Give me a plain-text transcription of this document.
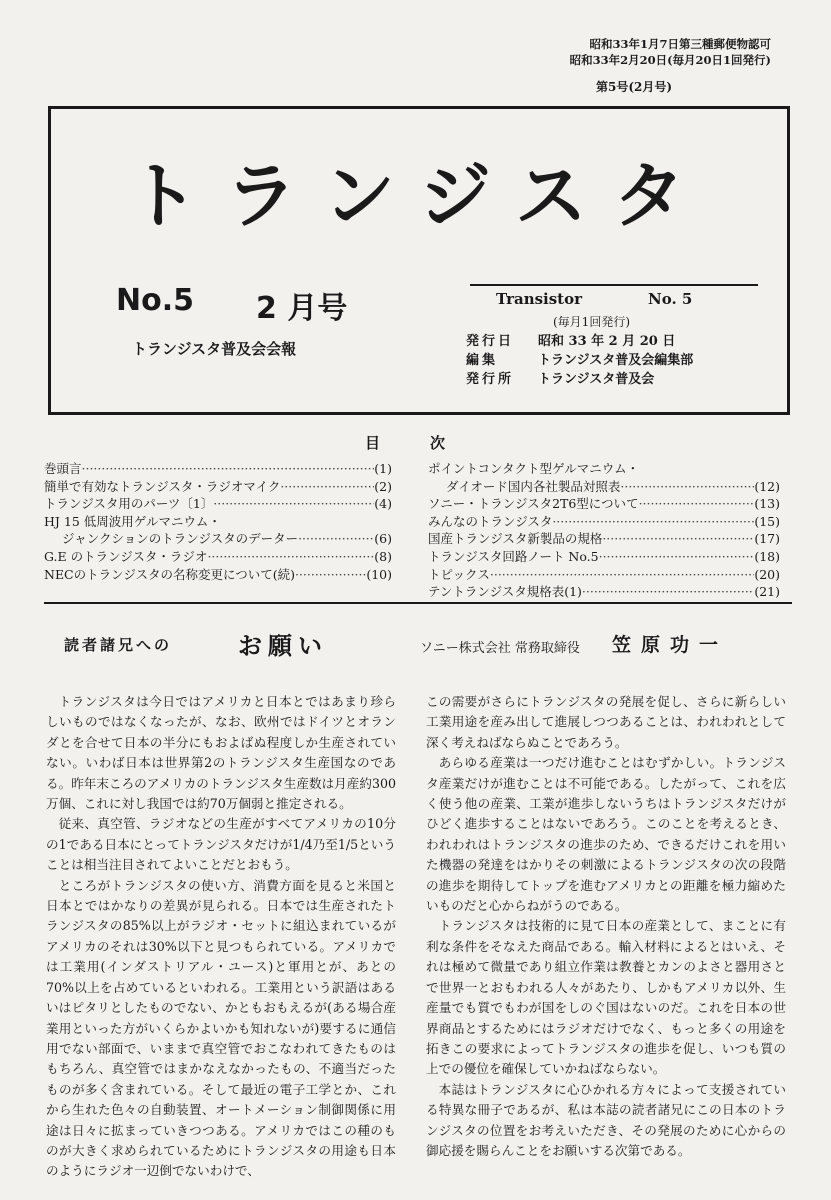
昭和33年1月7日第三種郵便物認可
昭和33年2月20日(毎月20日1回発行)
第5号(2月号)
トランジスタ
No.5 2 月号
トランジスタ普及会会報
Transistor	No. 5
(毎月1回発行)
発行日 昭和 33 年 2 月 20 日
編集	トランジスタ普及会編集部
発行所 トランジスタ普及会
目次
巻頭言 ·····	(1)
簡単で有効なトランジスタ・ラジオマイク ·····	(2)
トランジスタ用のパーツ〔1〕 ·····	(4)
HJ 15 低周波用ゲルマニウム・
ジャンクションのトランジスタのデーター ·····	(6)
G.E のトランジスタ・ラジオ ·····	(8)
NECのトランジスタの名称変更について(続) ·····	(10)
ポイントコンタクト型ゲルマニウム・
ダイオード国内各社製品対照表 ·····	(12)
ソニー・トランジスタ2T6型について ·····	(13)
みんなのトランジスタ ·····	(15)
国産トランジスタ新製品の規格 ·····	(17)
トランジスタ回路ノート No.5 ·····	(18)
トピックス ·····	(20)
テントランジスタ規格表(1) ·····	(21)
読者諸兄への	お願い	ソニー株式会社 常務取締役 笠原功一

トランジスタは今日ではアメリカと日本とではあまり珍らしいものではなくなったが、なお、欧州ではドイツとオランダとを合せて日本の半分にもおよばぬ程度しか生産されていない。いわば日本は世界第2のトランジスタ生産国なのである。昨年末ころのアメリカのトランジスタ生産数は月産約300万個、これに対し我国では約70万個弱と推定される。

従来、真空管、ラジオなどの生産がすべてアメリカの10分の1である日本にとってトランジスタだけが1/4乃至1/5ということは相当注目されてよいことだとおもう。

ところがトランジスタの使い方、消費方面を見ると米国と日本とではかなりの差異が見られる。日本では生産されたトランジスタの85%以上がラジオ・セットに組込まれているがアメリカのそれは30%以下と見つもられている。アメリカでは工業用(インダストリアル・ユース)と軍用とが、あとの70%以上を占めているといわれる。工業用という訳語はあるいはピタリとしたものでない、かともおもえるが(ある場合産業用といった方がいくらかよいかも知れないが)要するに通信用でない部面で、いままで真空管でおこなわれてきたものはもちろん、真空管ではまかなえなかったもの、不適当だったものが多く含まれている。そして最近の電子工学とか、これから生れた色々の自動装置、オートメーション制御関係に用途は日々に拡まっていきつつある。アメリカではこの種のものが大きく求められているためにトランジスタの用途も日本のようにラジオ一辺倒でないわけで、

この需要がさらにトランジスタの発展を促し、さらに新らしい工業用途を産み出して進展しつつあることは、われわれとして深く考えねばならぬことであろう。

あらゆる産業は一つだけ進むことはむずかしい。トランジスタ産業だけが進むことは不可能である。したがって、これを広く使う他の産業、工業が進歩しないうちはトランジスタだけがひどく進歩することはないであろう。このことを考えるとき、われわれはトランジスタの進歩のため、できるだけこれを用いた機器の発達をはかりその刺激によるトランジスタの次の段階の進歩を期待してトップを進むアメリカとの距離を極力縮めたいものだと心からねがうのである。

トランジスタは技術的に見て日本の産業として、まことに有利な条件をそなえた商品である。輸入材料によるとはいえ、それは極めて微量であり組立作業は教養とカンのよさと器用さとで世界一とおもわれる人々があたり、しかもアメリカ以外、生産量でも質でもわが国をしのぐ国はないのだ。これを日本の世界商品とするためにはラジオだけでなく、もっと多くの用途を拓きこの要求によってトランジスタの進歩を促し、いつも質の上での優位を確保していかねばならない。

本誌はトランジスタに心ひかれる方々によって支援されている特異な冊子であるが、私は本誌の読者諸兄にこの日本のトランジスタの位置をお考えいただき、その発展のために心からの御応援を賜らんことをお願いする次第である。
